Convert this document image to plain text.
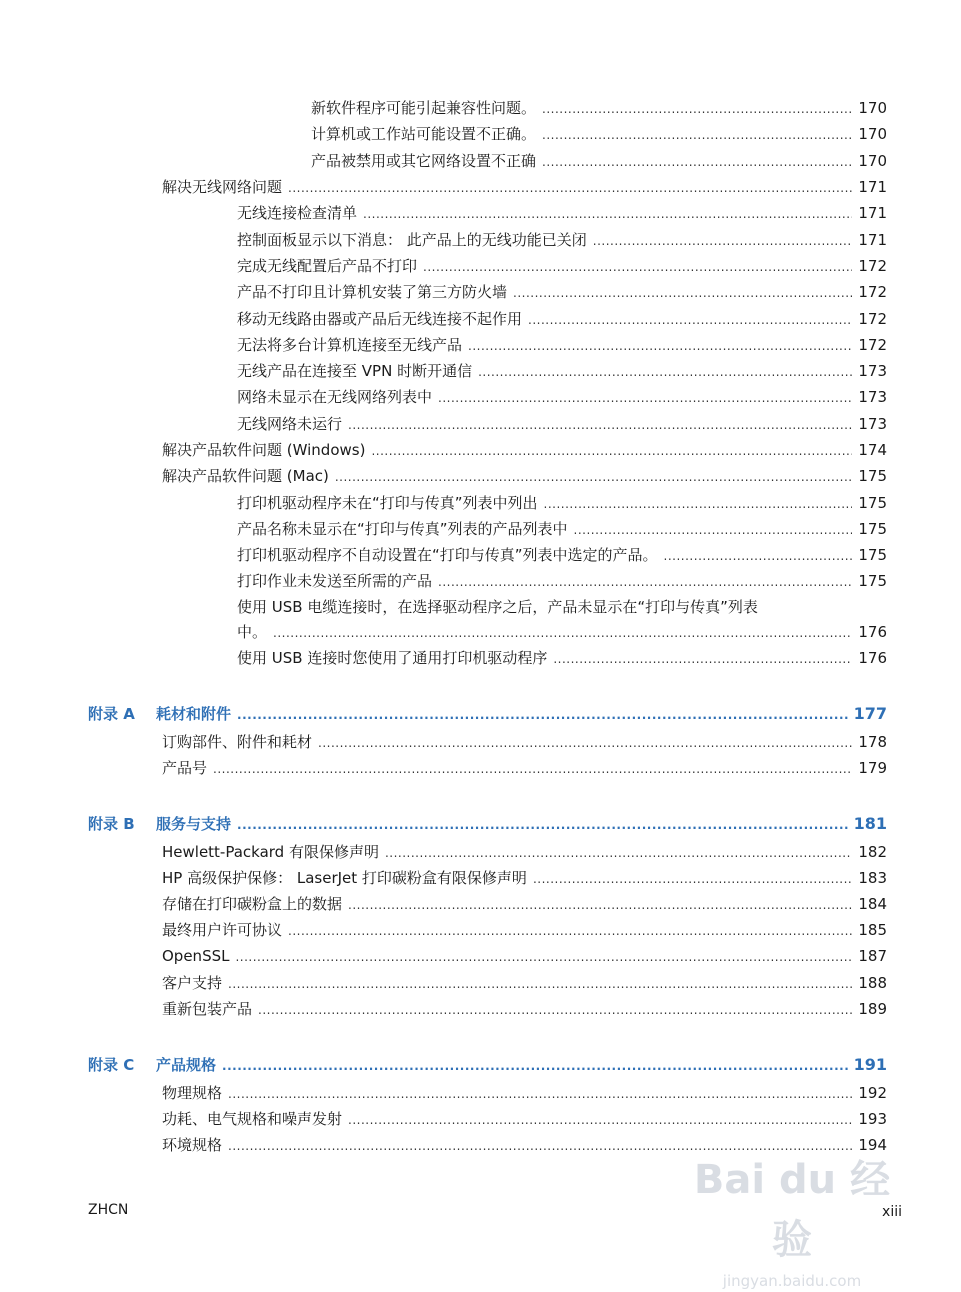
新软件程序可能引起兼容性问题。 .....	170
计算机或工作站可能设置不正确。 .....	170
产品被禁用或其它网络设置不正确 .....	170
解决无线网络问题 .....	171
无线连接检查清单 .....	171
控制面板显示以下消息： 此产品上的无线功能已关闭 .....	171
完成无线配置后产品不打印 .....	172
产品不打印且计算机安装了第三方防火墙 .....	172
移动无线路由器或产品后无线连接不起作用 .....	172
无法将多台计算机连接至无线产品 .....	172
无线产品在连接至 VPN 时断开通信 .....	173
网络未显示在无线网络列表中 .....	173
无线网络未运行 .....	173
解决产品软件问题 (Windows) .....	174
解决产品软件问题 (Mac) .....	175
打印机驱动程序未在“打印与传真”列表中列出 .....	175
产品名称未显示在“打印与传真”列表的产品列表中 .....	175
打印机驱动程序不自动设置在“打印与传真”列表中选定的产品。 .....	175
打印作业未发送至所需的产品 .....	175
使用 USB 电缆连接时，在选择驱动程序之后，产品未显示在“打印与传真”列表
中。 .....	176
使用 USB 连接时您使用了通用打印机驱动程序 .....	176
附录 A	耗材和附件 .....	177
订购部件、附件和耗材 .....	178
产品号 .....	179
附录 B	服务与支持 .....	181
Hewlett-Packard 有限保修声明 .....	182
HP 高级保护保修： LaserJet 打印碳粉盒有限保修声明 .....	183
存储在打印碳粉盒上的数据 .....	184
最终用户许可协议 .....	185
OpenSSL .....	187
客户支持 .....	188
重新包装产品 .....	189
附录 C	产品规格 .....	191
物理规格 .....	192
功耗、电气规格和噪声发射 .....	193
环境规格 .....	194
Bai du 经验
jingyan.baidu.com
ZHCN	xiii
